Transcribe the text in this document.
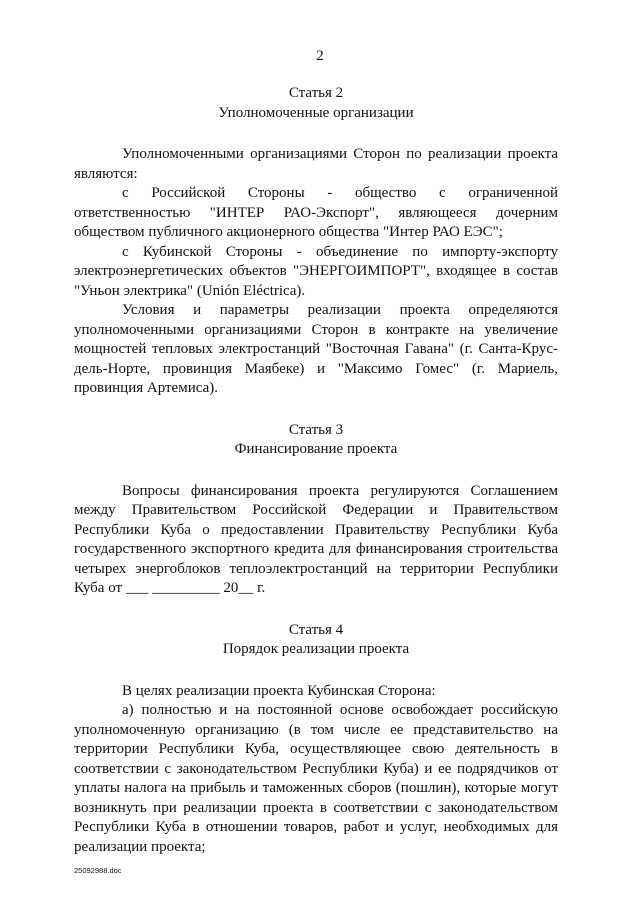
2
Статья 2
Уполномоченные организации

Уполномоченными организациями Сторон по реализации проекта являются:

с Российской Стороны - общество с ограниченной ответственностью "ИНТЕР РАО-Экспорт", являющееся дочерним обществом публичного акционерного общества "Интер РАО ЕЭС";

с Кубинской Стороны - объединение по импорту-экспорту электроэнергетических объектов "ЭНЕРГОИМПОРТ", входящее в состав "Уньон электрика" (Unión Eléctrica).

Условия и параметры реализации проекта определяются уполномоченными организациями Сторон в контракте на увеличение мощностей тепловых электростанций "Восточная Гавана" (г. Санта-Крус-дель-Норте, провинция Маябеке) и "Максимо Гомес" (г. Мариель, провинция Артемиса).

Статья 3
Финансирование проекта

Вопросы финансирования проекта регулируются Соглашением между Правительством Российской Федерации и Правительством Республики Куба о предоставлении Правительству Республики Куба государственного экспортного кредита для финансирования строительства четырех энергоблоков теплоэлектростанций на территории Республики Куба от ___ _________ 20__ г.

Статья 4
Порядок реализации проекта

В целях реализации проекта Кубинская Сторона:

а) полностью и на постоянной основе освобождает российскую уполномоченную организацию (в том числе ее представительство на территории Республики Куба, осуществляющее свою деятельность в соответствии с законодательством Республики Куба) и ее подрядчиков от уплаты налога на прибыль и таможенных сборов (пошлин), которые могут возникнуть при реализации проекта в соответствии с законодательством Республики Куба в отношении товаров, работ и услуг, необходимых для реализации проекта;

25092988.doc
